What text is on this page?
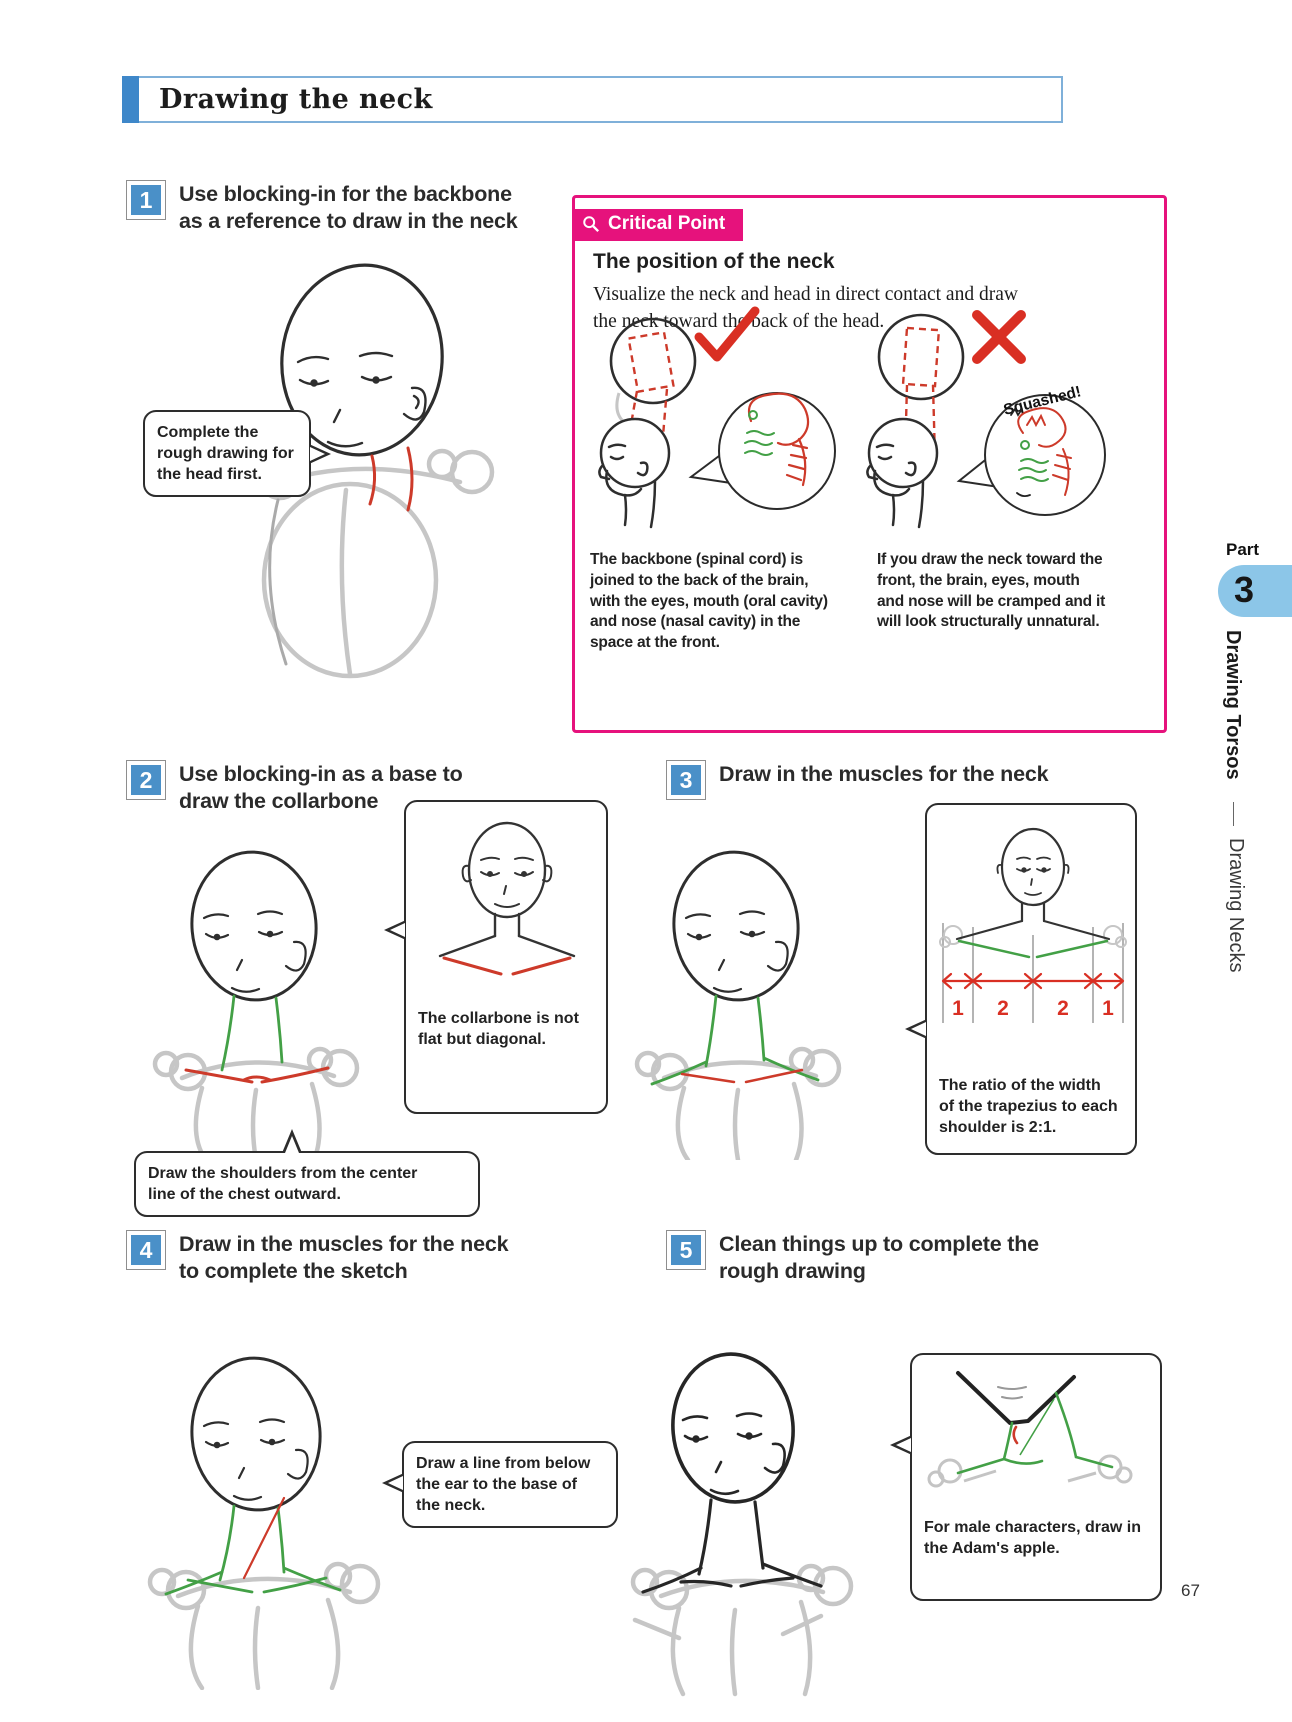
Drawing the neck
1	Use blocking-in for the backbone
as a reference to draw in the neck
Complete the
rough drawing for
the head first.
Critical Point
The position of the neck
Visualize the neck and head in direct contact and draw
the neck toward the back of the head.
Squashed!
The backbone (spinal cord) is
joined to the back of the brain,
with the eyes, mouth (oral cavity)
and nose (nasal cavity) in the
space at the front.
If you draw the neck toward the
front, the brain, eyes, mouth
and nose will be cramped and it
will look structurally unnatural.
2	Use blocking-in as a base to
draw the collarbone
3	Draw in the muscles for the neck
The collarbone is not
flat but diagonal.
Draw the shoulders from the center
line of the chest outward.
1 2 2 1
The ratio of the width
of the trapezius to each
shoulder is 2:1.
4	Draw in the muscles for the neck
to complete the sketch
5	Clean things up to complete the
rough drawing
Draw a line from below
the ear to the base of
the neck.
For male characters, draw in
the Adam's apple.
Part
3
Drawing Torsos
Drawing Necks
67
